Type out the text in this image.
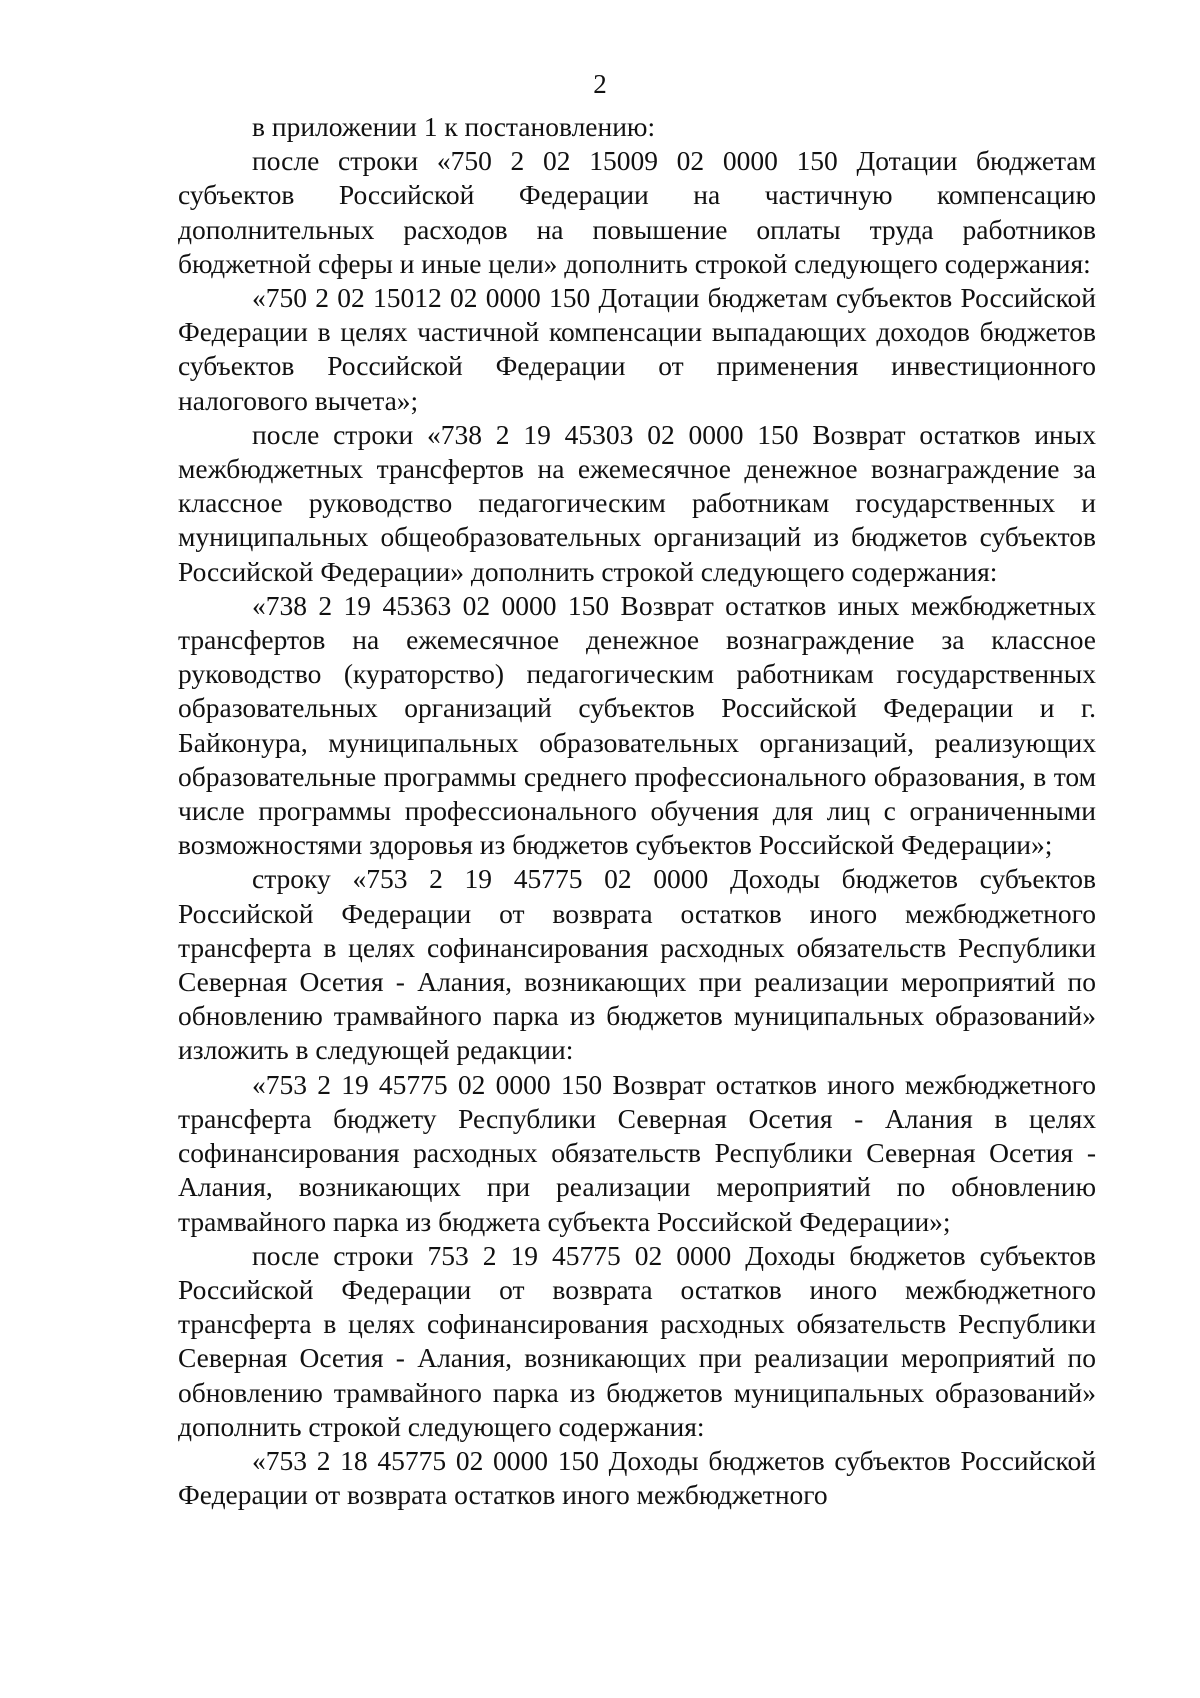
2

в приложении 1 к постановлению:

после строки «750 2 02 15009 02 0000 150 Дотации бюджетам субъектов Российской Федерации на частичную компенсацию дополнительных расходов на повышение оплаты труда работников бюджетной сферы и иные цели» дополнить строкой следующего содержания:

«750 2 02 15012 02 0000 150 Дотации бюджетам субъектов Российской Федерации в целях частичной компенсации выпадающих доходов бюджетов субъектов Российской Федерации от применения инвестиционного налогового вычета»;

после строки «738 2 19 45303 02 0000 150 Возврат остатков иных межбюджетных трансфертов на ежемесячное денежное вознаграждение за классное руководство педагогическим работникам государственных и муниципальных общеобразовательных организаций из бюджетов субъектов Российской Федерации» дополнить строкой следующего содержания:

«738 2 19 45363 02 0000 150 Возврат остатков иных межбюджетных трансфертов на ежемесячное денежное вознаграждение за классное руководство (кураторство) педагогическим работникам государственных образовательных организаций субъектов Российской Федерации и г. Байконура, муниципальных образовательных организаций, реализующих образовательные программы среднего профессионального образования, в том числе программы профессионального обучения для лиц с ограниченными возможностями здоровья из бюджетов субъектов Российской Федерации»;

строку «753 2 19 45775 02 0000 Доходы бюджетов субъектов Российской Федерации от возврата остатков иного межбюджетного трансферта в целях софинансирования расходных обязательств Республики Северная Осетия - Алания, возникающих при реализации мероприятий по обновлению трамвайного парка из бюджетов муниципальных образований» изложить в следующей редакции:

«753 2 19 45775 02 0000 150 Возврат остатков иного межбюджетного трансферта бюджету Республики Северная Осетия - Алания в целях софинансирования расходных обязательств Республики Северная Осетия - Алания, возникающих при реализации мероприятий по обновлению трамвайного парка из бюджета субъекта Российской Федерации»;

после строки 753 2 19 45775 02 0000 Доходы бюджетов субъектов Российской Федерации от возврата остатков иного межбюджетного трансферта в целях софинансирования расходных обязательств Республики Северная Осетия - Алания, возникающих при реализации мероприятий по обновлению трамвайного парка из бюджетов муниципальных образований» дополнить строкой следующего содержания:

«753 2 18 45775 02 0000 150 Доходы бюджетов субъектов Российской Федерации от возврата остатков иного межбюджетного
